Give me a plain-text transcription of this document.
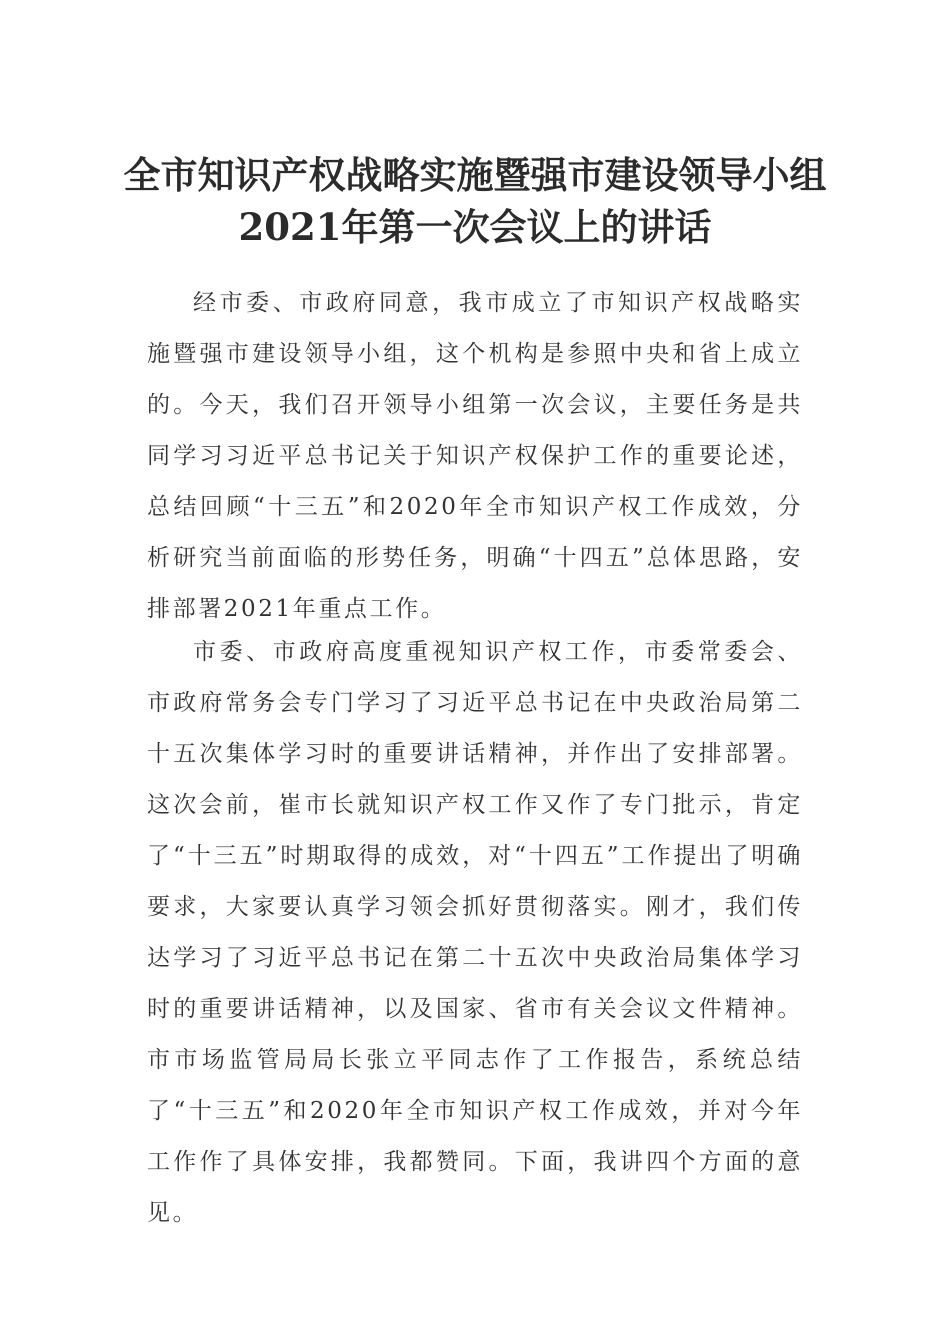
全市知识产权战略实施暨强市建设领导小组
2021年第一次会议上的讲话

经市委、市政府同意，我市成立了市知识产权战略实施暨强市建设领导小组，这个机构是参照中央和省上成立的。今天，我们召开领导小组第一次会议，主要任务是共同学习习近平总书记关于知识产权保护工作的重要论述，总结回顾“十三五”和2020年全市知识产权工作成效，分析研究当前面临的形势任务，明确“十四五”总体思路，安排部署2021年重点工作。

市委、市政府高度重视知识产权工作，市委常委会、市政府常务会专门学习了习近平总书记在中央政治局第二十五次集体学习时的重要讲话精神，并作出了安排部署。这次会前，崔市长就知识产权工作又作了专门批示，肯定了“十三五”时期取得的成效，对“十四五”工作提出了明确要求，大家要认真学习领会抓好贯彻落实。刚才，我们传达学习了习近平总书记在第二十五次中央政治局集体学习时的重要讲话精神，以及国家、省市有关会议文件精神。市市场监管局局长张立平同志作了工作报告，系统总结了“十三五”和2020年全市知识产权工作成效，并对今年工作作了具体安排，我都赞同。下面，我讲四个方面的意见。
